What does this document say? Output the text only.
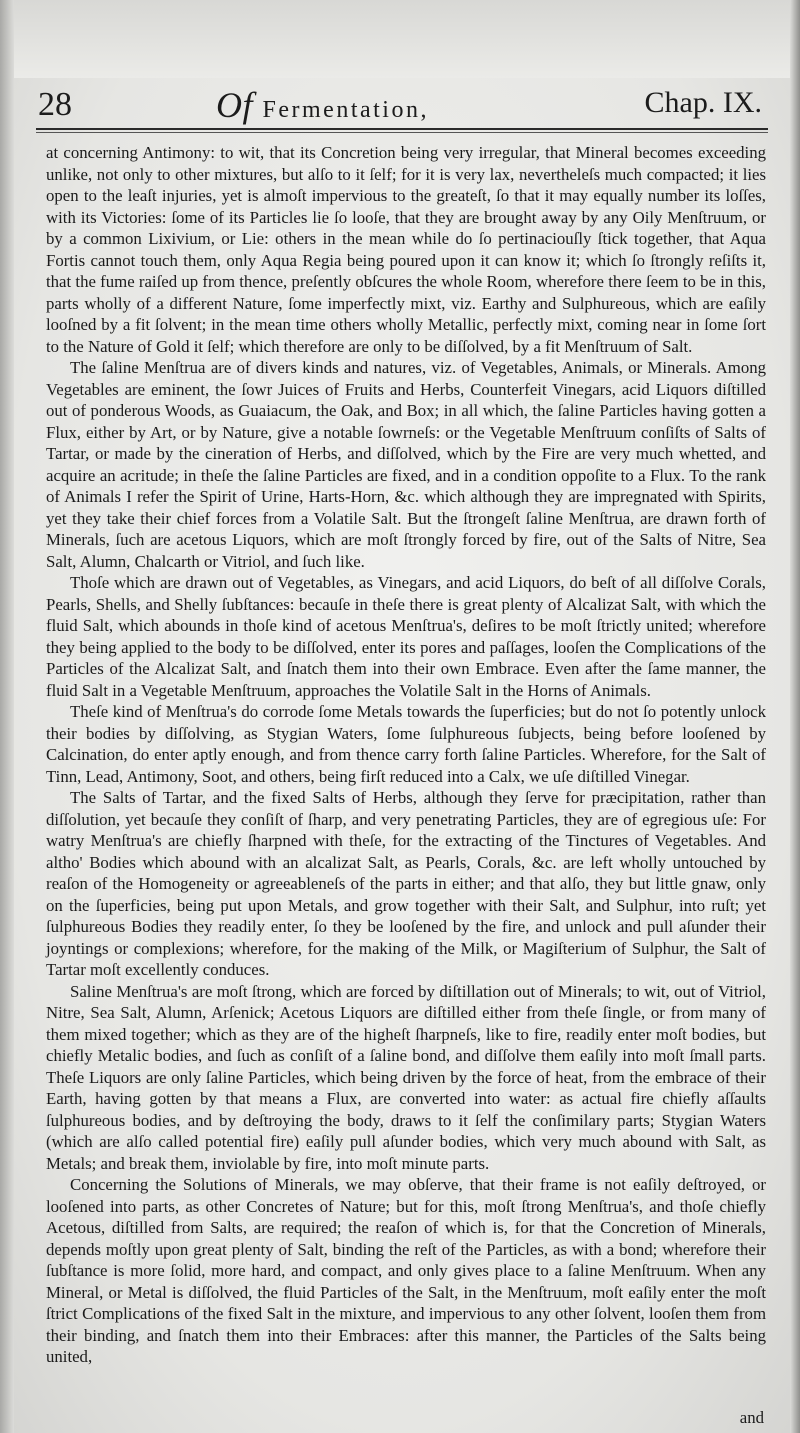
28	Of Fermentation,	Chap. IX.

at concerning Antimony: to wit, that its Concretion being very irregular, that Mineral becomes exceeding unlike, not only to other mixtures, but alſo to it ſelf; for it is very lax, nevertheleſs much compacted; it lies open to the leaſt injuries, yet is almoſt impervious to the greateſt, ſo that it may equally number its loſſes, with its Victories: ſome of its Particles lie ſo looſe, that they are brought away by any Oily Menſtruum, or by a common Lixivium, or Lie: others in the mean while do ſo pertinaciouſly ſtick together, that Aqua Fortis cannot touch them, only Aqua Regia being poured upon it can know it; which ſo ſtrongly reſiſts it, that the fume raiſed up from thence, preſently obſcures the whole Room, wherefore there ſeem to be in this, parts wholly of a different Nature, ſome imperfectly mixt, viz. Earthy and Sulphureous, which are eaſily looſned by a fit ſolvent; in the mean time others wholly Metallic, perfectly mixt, coming near in ſome ſort to the Nature of Gold it ſelf; which therefore are only to be diſſolved, by a fit Menſtruum of Salt.

The ſaline Menſtrua are of divers kinds and natures, viz. of Vegetables, Animals, or Minerals. Among Vegetables are eminent, the ſowr Juices of Fruits and Herbs, Counterfeit Vinegars, acid Liquors diſtilled out of ponderous Woods, as Guaiacum, the Oak, and Box; in all which, the ſaline Particles having gotten a Flux, either by Art, or by Nature, give a notable ſowrneſs: or the Vegetable Menſtruum conſiſts of Salts of Tartar, or made by the cineration of Herbs, and diſſolved, which by the Fire are very much whetted, and acquire an acritude; in theſe the ſaline Particles are fixed, and in a condition oppoſite to a Flux. To the rank of Animals I refer the Spirit of Urine, Harts-Horn, &c. which although they are impregnated with Spirits, yet they take their chief forces from a Volatile Salt. But the ſtrongeſt ſaline Menſtrua, are drawn forth of Minerals, ſuch are acetous Liquors, which are moſt ſtrongly forced by fire, out of the Salts of Nitre, Sea Salt, Alumn, Chalcarth or Vitriol, and ſuch like.

Thoſe which are drawn out of Vegetables, as Vinegars, and acid Liquors, do beſt of all diſſolve Corals, Pearls, Shells, and Shelly ſubſtances: becauſe in theſe there is great plenty of Alcalizat Salt, with which the fluid Salt, which abounds in thoſe kind of acetous Menſtrua's, deſires to be moſt ſtrictly united; wherefore they being applied to the body to be diſſolved, enter its pores and paſſages, looſen the Complications of the Particles of the Alcalizat Salt, and ſnatch them into their own Embrace. Even after the ſame manner, the fluid Salt in a Vegetable Menſtruum, approaches the Volatile Salt in the Horns of Animals.

Theſe kind of Menſtrua's do corrode ſome Metals towards the ſuperficies; but do not ſo potently unlock their bodies by diſſolving, as Stygian Waters, ſome ſulphureous ſubjects, being before looſened by Calcination, do enter aptly enough, and from thence carry forth ſaline Particles. Wherefore, for the Salt of Tinn, Lead, Antimony, Soot, and others, being firſt reduced into a Calx, we uſe diſtilled Vinegar.

The Salts of Tartar, and the fixed Salts of Herbs, although they ſerve for præcipitation, rather than diſſolution, yet becauſe they conſiſt of ſharp, and very penetrating Particles, they are of egregious uſe: For watry Menſtrua's are chiefly ſharpned with theſe, for the extracting of the Tinctures of Vegetables. And altho' Bodies which abound with an alcalizat Salt, as Pearls, Corals, &c. are left wholly untouched by reaſon of the Homogeneity or agreeableneſs of the parts in either; and that alſo, they but little gnaw, only on the ſuperficies, being put upon Metals, and grow together with their Salt, and Sulphur, into ruſt; yet ſulphureous Bodies they readily enter, ſo they be looſened by the fire, and unlock and pull aſunder their joyntings or complexions; wherefore, for the making of the Milk, or Magiſterium of Sulphur, the Salt of Tartar moſt excellently conduces.

Saline Menſtrua's are moſt ſtrong, which are forced by diſtillation out of Minerals; to wit, out of Vitriol, Nitre, Sea Salt, Alumn, Arſenick; Acetous Liquors are diſtilled either from theſe ſingle, or from many of them mixed together; which as they are of the higheſt ſharpneſs, like to fire, readily enter moſt bodies, but chiefly Metalic bodies, and ſuch as conſiſt of a ſaline bond, and diſſolve them eaſily into moſt ſmall parts. Theſe Liquors are only ſaline Particles, which being driven by the force of heat, from the embrace of their Earth, having gotten by that means a Flux, are converted into water: as actual fire chiefly aſſaults ſulphureous bodies, and by deſtroying the body, draws to it ſelf the conſimilary parts; Stygian Waters (which are alſo called potential fire) eaſily pull aſunder bodies, which very much abound with Salt, as Metals; and break them, inviolable by fire, into moſt minute parts.

Concerning the Solutions of Minerals, we may obſerve, that their frame is not eaſily deſtroyed, or looſened into parts, as other Concretes of Nature; but for this, moſt ſtrong Menſtrua's, and thoſe chiefly Acetous, diſtilled from Salts, are required; the reaſon of which is, for that the Concretion of Minerals, depends moſtly upon great plenty of Salt, binding the reſt of the Particles, as with a bond; wherefore their ſubſtance is more ſolid, more hard, and compact, and only gives place to a ſaline Menſtruum. When any Mineral, or Metal is diſſolved, the fluid Particles of the Salt, in the Menſtruum, moſt eaſily enter the moſt ſtrict Complications of the fixed Salt in the mixture, and impervious to any other ſolvent, looſen them from their binding, and ſnatch them into their Embraces: after this manner, the Particles of the Salts being united,

and
